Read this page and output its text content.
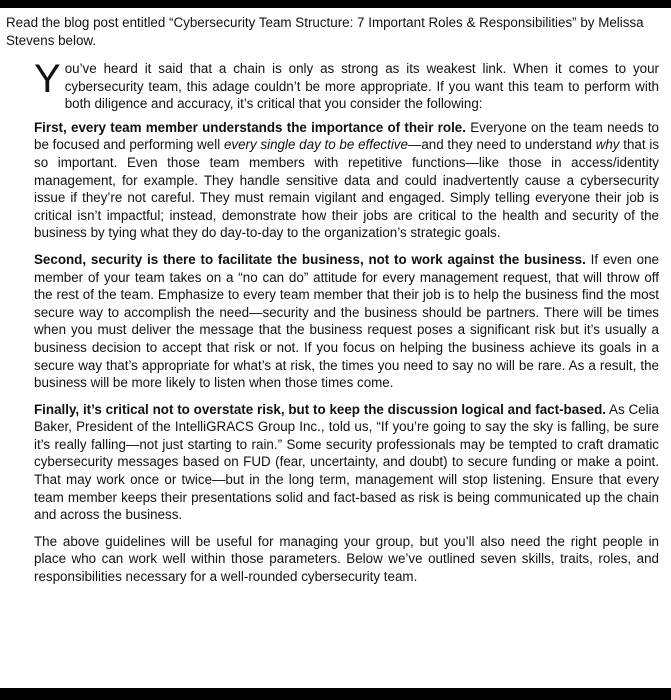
Read the blog post entitled “Cybersecurity Team Structure: 7 Important Roles & Responsibilities” by Melissa Stevens below.

You’ve heard it said that a chain is only as strong as its weakest link. When it comes to your cybersecurity team, this adage couldn’t be more appropriate. If you want this team to perform with both diligence and accuracy, it’s critical that you consider the following:

First, every team member understands the importance of their role. Everyone on the team needs to be focused and performing well every single day to be effective—and they need to understand why that is so important. Even those team members with repetitive functions—like those in access/identity management, for example. They handle sensitive data and could inadvertently cause a cybersecurity issue if they’re not careful. They must remain vigilant and engaged. Simply telling everyone their job is critical isn’t impactful; instead, demonstrate how their jobs are critical to the health and security of the business by tying what they do day-to-day to the organization’s strategic goals.

Second, security is there to facilitate the business, not to work against the business. If even one member of your team takes on a “no can do” attitude for every management request, that will throw off the rest of the team. Emphasize to every team member that their job is to help the business find the most secure way to accomplish the need—security and the business should be partners. There will be times when you must deliver the message that the business request poses a significant risk but it’s usually a business decision to accept that risk or not. If you focus on helping the business achieve its goals in a secure way that’s appropriate for what’s at risk, the times you need to say no will be rare. As a result, the business will be more likely to listen when those times come.

Finally, it’s critical not to overstate risk, but to keep the discussion logical and fact-based. As Celia Baker, President of the IntelliGRACS Group Inc., told us, “If you’re going to say the sky is falling, be sure it’s really falling—not just starting to rain.” Some security professionals may be tempted to craft dramatic cybersecurity messages based on FUD (fear, uncertainty, and doubt) to secure funding or make a point. That may work once or twice—but in the long term, management will stop listening. Ensure that every team member keeps their presentations solid and fact-based as risk is being communicated up the chain and across the business.

The above guidelines will be useful for managing your group, but you’ll also need the right people in place who can work well within those parameters. Below we’ve outlined seven skills, traits, roles, and responsibilities necessary for a well-rounded cybersecurity team.
